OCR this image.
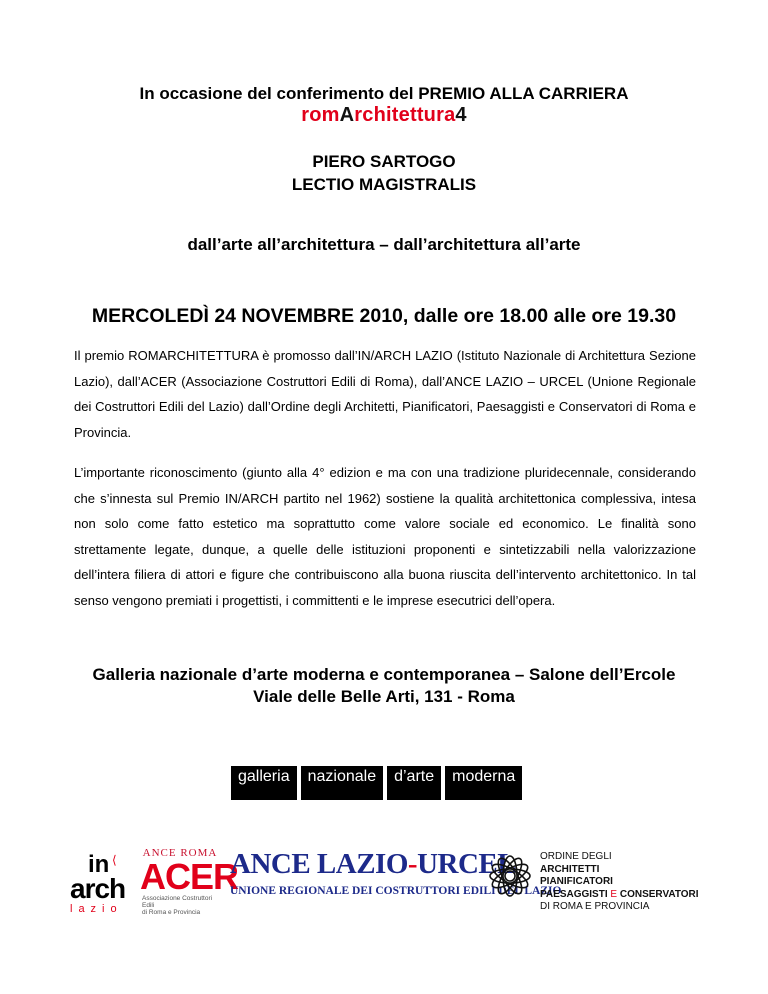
In occasione del conferimento del PREMIO ALLA CARRIERA
romArchitettura4
PIERO SARTOGO
LECTIO MAGISTRALIS
dall’arte all’architettura – dall’architettura all’arte
MERCOLEDÌ 24 NOVEMBRE 2010, dalle ore 18.00 alle ore 19.30

Il premio ROMARCHITETTURA è promosso dall’IN/ARCH LAZIO (Istituto Nazionale di Architettura Sezione Lazio), dall’ACER (Associazione Costruttori Edili di Roma), dall’ANCE LAZIO – URCEL (Unione Regionale dei Costruttori Edili del Lazio) dall’Ordine degli Architetti, Pianificatori, Paesaggisti e Conservatori di Roma e Provincia.

L’importante riconoscimento (giunto alla 4° edizion e ma con una tradizione pluridecennale, considerando che s’innesta sul Premio IN/ARCH partito nel 1962) sostiene la qualità architettonica complessiva, intesa non solo come fatto estetico ma soprattutto come valore sociale ed economico. Le finalità sono strettamente legate, dunque, a quelle delle istituzioni proponenti e sintetizzabili nella valorizzazione dell’intera filiera di attori e figure che contribuiscono alla buona riuscita dell’intervento architettonico. In tal senso vengono premiati i progettisti, i committenti e le imprese esecutrici dell’opera.

Galleria nazionale d’arte moderna e contemporanea – Salone dell’Ercole
Viale delle Belle Arti, 131 - Roma
galleria	nazionale	d’arte	moderna
in ⟨
arch
lazio
ANCE ROMA
ACER
Associazione Costruttori Edili
di Roma e Provincia
ANCE LAZIO-URCEL
UNIONE REGIONALE DEI COSTRUTTORI EDILI DEL LAZIO
ORDINE DEGLI
ARCHITETTI
PIANIFICATORI
PAESAGGISTI E CONSERVATORI
DI ROMA E PROVINCIA
